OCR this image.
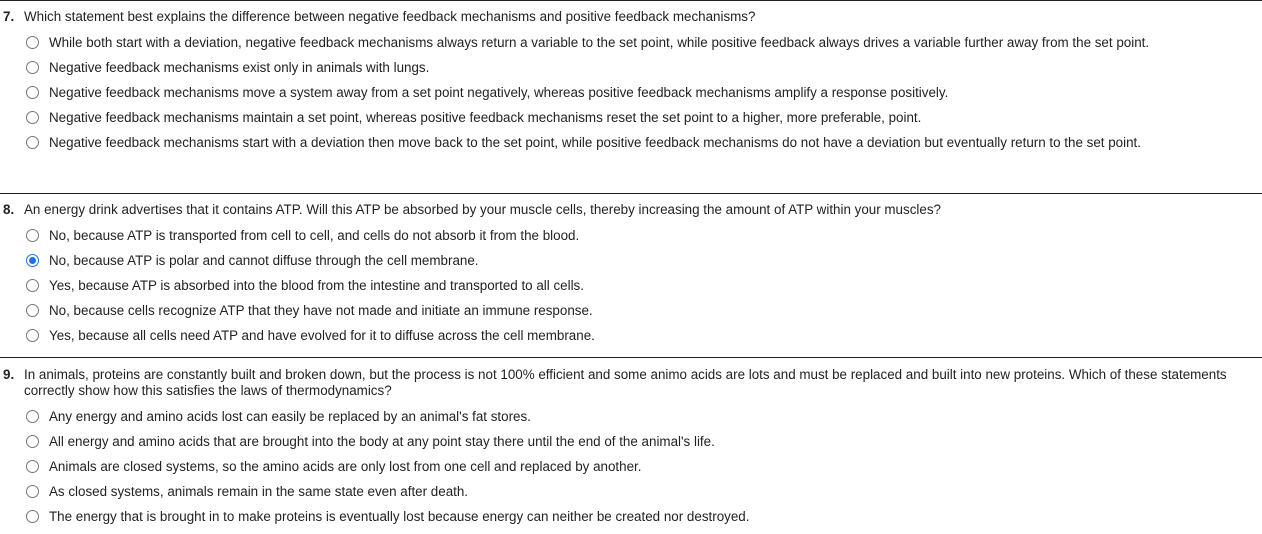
7. Which statement best explains the difference between negative feedback mechanisms and positive feedback mechanisms?
While both start with a deviation, negative feedback mechanisms always return a variable to the set point, while positive feedback always drives a variable further away from the set point.
Negative feedback mechanisms exist only in animals with lungs.
Negative feedback mechanisms move a system away from a set point negatively, whereas positive feedback mechanisms amplify a response positively.
Negative feedback mechanisms maintain a set point, whereas positive feedback mechanisms reset the set point to a higher, more preferable, point.
Negative feedback mechanisms start with a deviation then move back to the set point, while positive feedback mechanisms do not have a deviation but eventually return to the set point.
8. An energy drink advertises that it contains ATP. Will this ATP be absorbed by your muscle cells, thereby increasing the amount of ATP within your muscles?
No, because ATP is transported from cell to cell, and cells do not absorb it from the blood.
No, because ATP is polar and cannot diffuse through the cell membrane.
Yes, because ATP is absorbed into the blood from the intestine and transported to all cells.
No, because cells recognize ATP that they have not made and initiate an immune response.
Yes, because all cells need ATP and have evolved for it to diffuse across the cell membrane.
9. In animals, proteins are constantly built and broken down, but the process is not 100% efficient and some animo acids are lots and must be replaced and built into new proteins. Which of these statements correctly show how this satisfies the laws of thermodynamics?
Any energy and amino acids lost can easily be replaced by an animal's fat stores.
All energy and amino acids that are brought into the body at any point stay there until the end of the animal's life.
Animals are closed systems, so the amino acids are only lost from one cell and replaced by another.
As closed systems, animals remain in the same state even after death.
The energy that is brought in to make proteins is eventually lost because energy can neither be created nor destroyed.
